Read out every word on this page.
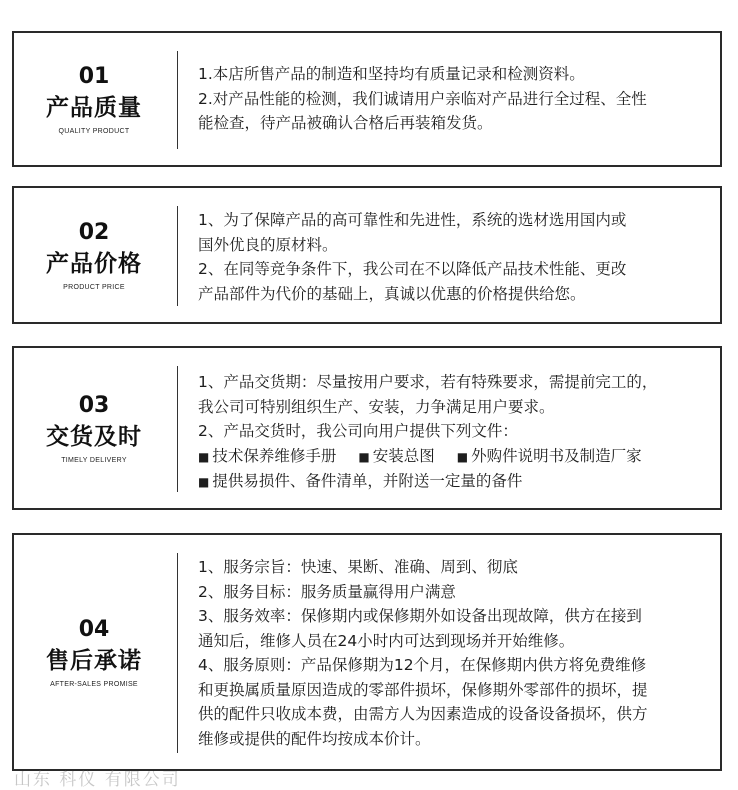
01
产品质量
QUALITY PRODUCT
1.本店所售产品的制造和坚持均有质量记录和检测资料。
2.对产品性能的检测，我们诚请用户亲临对产品进行全过程、全性
能检查，待产品被确认合格后再装箱发货。
02
产品价格
PRODUCT PRICE
1、为了保障产品的高可靠性和先进性，系统的选材选用国内或
国外优良的原材料。
2、在同等竞争条件下，我公司在不以降低产品技术性能、更改
产品部件为代价的基础上，真诚以优惠的价格提供给您。
03
交货及时
TIMELY DELIVERY
1、产品交货期：尽量按用户要求，若有特殊要求，需提前完工的，
我公司可特别组织生产、安装，力争满足用户要求。
2、产品交货时，我公司向用户提供下列文件：
■ 技术保养维修手册 ■ 安装总图 ■ 外购件说明书及制造厂家
■ 提供易损件、备件清单，并附送一定量的备件
04
售后承诺
AFTER-SALES PROMISE
1、服务宗旨：快速、果断、准确、周到、彻底
2、服务目标：服务质量赢得用户满意
3、服务效率：保修期内或保修期外如设备出现故障，供方在接到
通知后，维修人员在24小时内可达到现场并开始维修。
4、服务原则：产品保修期为12个月，在保修期内供方将免费维修
和更换属质量原因造成的零部件损坏，保修期外零部件的损坏，提
供的配件只收成本费，由需方人为因素造成的设备设备损坏，供方
维修或提供的配件均按成本价计。
山东 科仪 有限公司
